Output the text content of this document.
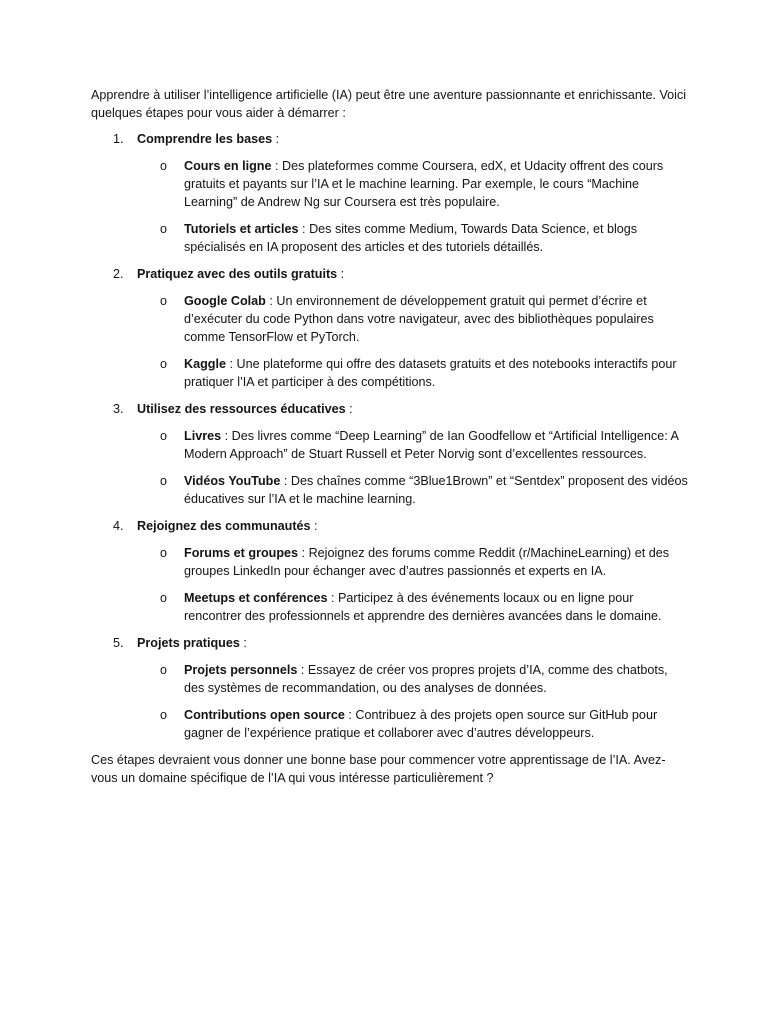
Apprendre à utiliser l’intelligence artificielle (IA) peut être une aventure passionnante et enrichissante. Voici quelques étapes pour vous aider à démarrer :

1. Comprendre les bases :
o Cours en ligne : Des plateformes comme Coursera, edX, et Udacity offrent des cours gratuits et payants sur l’IA et le machine learning. Par exemple, le cours “Machine Learning” de Andrew Ng sur Coursera est très populaire.
o Tutoriels et articles : Des sites comme Medium, Towards Data Science, et blogs spécialisés en IA proposent des articles et des tutoriels détaillés.
2. Pratiquez avec des outils gratuits :
o Google Colab : Un environnement de développement gratuit qui permet d’écrire et d’exécuter du code Python dans votre navigateur, avec des bibliothèques populaires comme TensorFlow et PyTorch.
o Kaggle : Une plateforme qui offre des datasets gratuits et des notebooks interactifs pour pratiquer l’IA et participer à des compétitions.
3. Utilisez des ressources éducatives :
o Livres : Des livres comme “Deep Learning” de Ian Goodfellow et “Artificial Intelligence: A Modern Approach” de Stuart Russell et Peter Norvig sont d’excellentes ressources.
o Vidéos YouTube : Des chaînes comme “3Blue1Brown” et “Sentdex” proposent des vidéos éducatives sur l’IA et le machine learning.
4. Rejoignez des communautés :
o Forums et groupes : Rejoignez des forums comme Reddit (r/MachineLearning) et des groupes LinkedIn pour échanger avec d’autres passionnés et experts en IA.
o Meetups et conférences : Participez à des événements locaux ou en ligne pour rencontrer des professionnels et apprendre des dernières avancées dans le domaine.
5. Projets pratiques :
o Projets personnels : Essayez de créer vos propres projets d’IA, comme des chatbots, des systèmes de recommandation, ou des analyses de données.
o Contributions open source : Contribuez à des projets open source sur GitHub pour gagner de l’expérience pratique et collaborer avec d’autres développeurs.

Ces étapes devraient vous donner une bonne base pour commencer votre apprentissage de l’IA. Avez-vous un domaine spécifique de l’IA qui vous intéresse particulièrement ?
